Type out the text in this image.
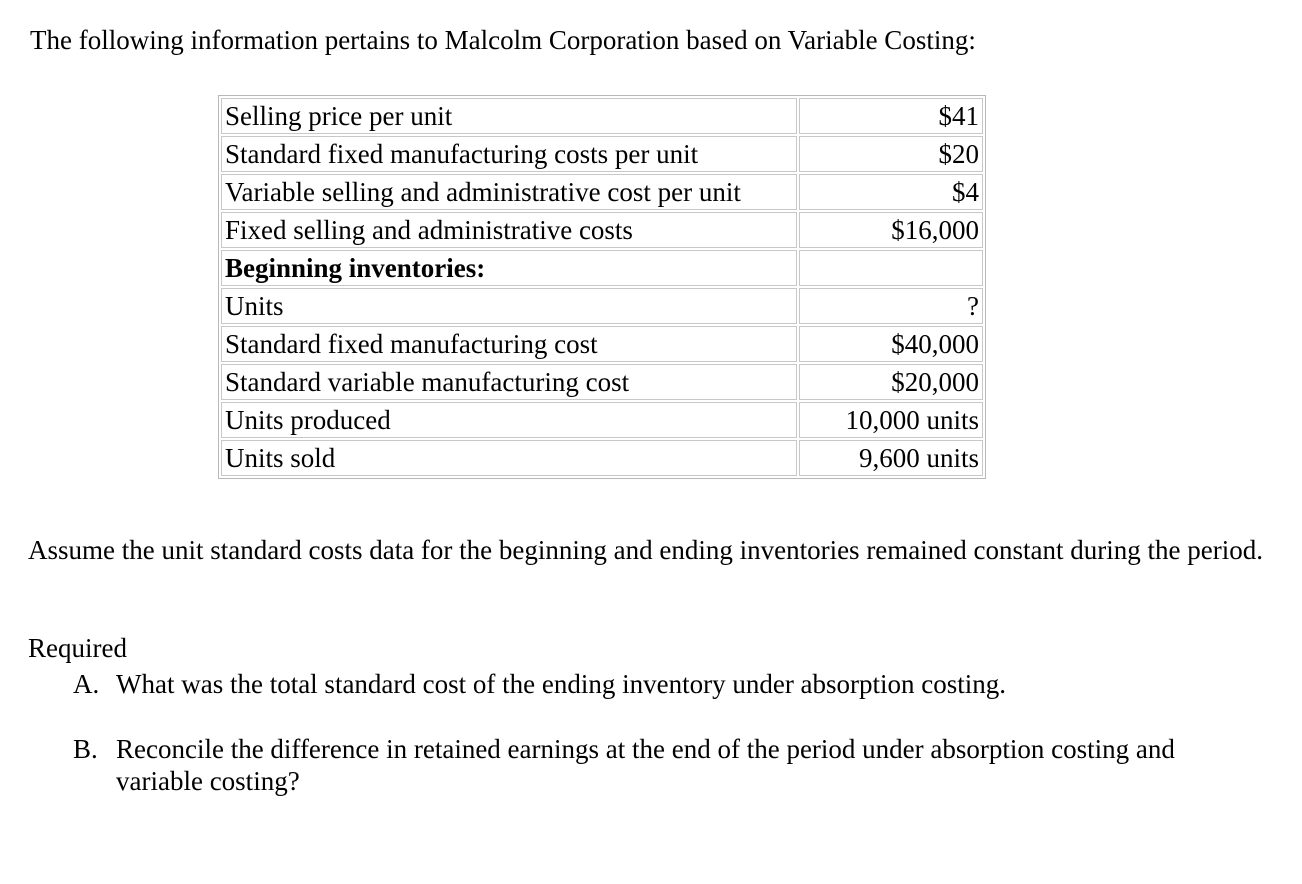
The following information pertains to Malcolm Corporation based on Variable Costing:

Selling price per unit	$41
Standard fixed manufacturing costs per unit	$20
Variable selling and administrative cost per unit	$4
Fixed selling and administrative costs	$16,000
Beginning inventories:	
Units	?
Standard fixed manufacturing cost	$40,000
Standard variable manufacturing cost	$20,000
Units produced	10,000 units
Units sold	9,600 units

Assume the unit standard costs data for the beginning and ending inventories remained constant during the period.

Required

A. What was the total standard cost of the ending inventory under absorption costing.
B. Reconcile the difference in retained earnings at the end of the period under absorption costing and variable costing?
